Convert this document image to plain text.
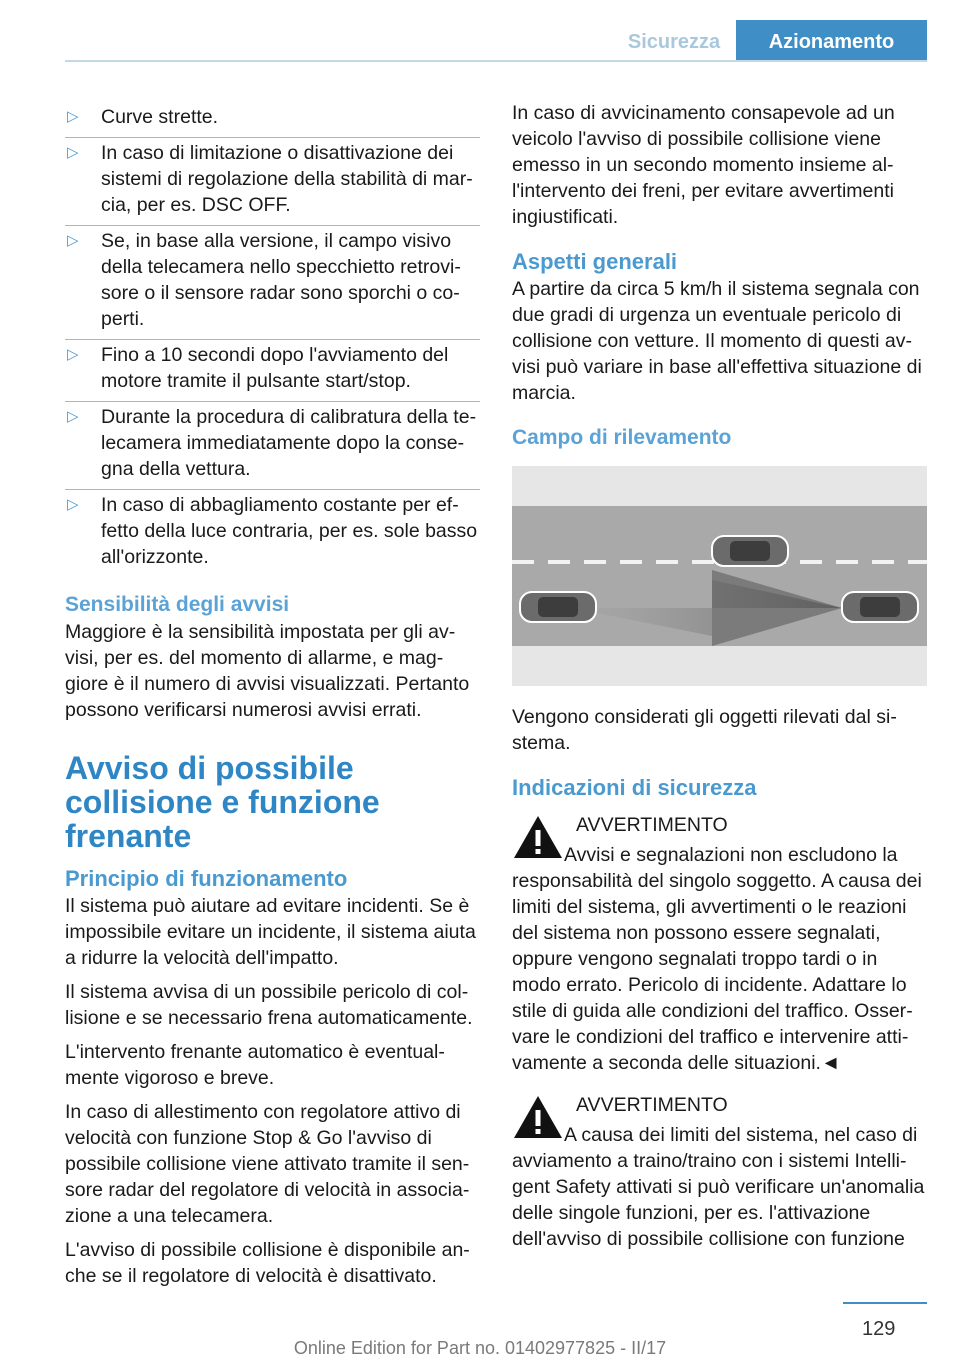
Sicurezza	Azionamento
▷	Curve strette.
▷	In caso di limitazione o disattivazione dei sistemi di regolazione della stabilità di marcia, per es. DSC OFF.
▷	Se, in base alla versione, il campo visivo della telecamera nello specchietto retrovisore o il sensore radar sono sporchi o coperti.
▷	Fino a 10 secondi dopo l'avviamento del motore tramite il pulsante start/stop.
▷	Durante la procedura di calibratura della telecamera immediatamente dopo la consegna della vettura.
▷	In caso di abbagliamento costante per effetto della luce contraria, per es. sole basso all'orizzonte.
Sensibilità degli avvisi

Maggiore è la sensibilità impostata per gli avvisi, per es. del momento di allarme, e maggiore è il numero di avvisi visualizzati. Pertanto possono verificarsi numerosi avvisi errati.

Avviso di possibile collisione e funzione frenante
Principio di funzionamento

Il sistema può aiutare ad evitare incidenti. Se è impossibile evitare un incidente, il sistema aiuta a ridurre la velocità dell'impatto.

Il sistema avvisa di un possibile pericolo di collisione e se necessario frena automaticamente.

L'intervento frenante automatico è eventualmente vigoroso e breve.

In caso di allestimento con regolatore attivo di velocità con funzione Stop & Go l'avviso di possibile collisione viene attivato tramite il sensore radar del regolatore di velocità in associazione a una telecamera.

L'avviso di possibile collisione è disponibile anche se il regolatore di velocità è disattivato.

In caso di avvicinamento consapevole ad un veicolo l'avviso di possibile collisione viene emesso in un secondo momento insieme all'intervento dei freni, per evitare avvertimenti ingiustificati.

Aspetti generali

A partire da circa 5 km/h il sistema segnala con due gradi di urgenza un eventuale pericolo di collisione con vetture. Il momento di questi avvisi può variare in base all'effettiva situazione di marcia.

Campo di rilevamento

Vengono considerati gli oggetti rilevati dal sistema.

Indicazioni di sicurezza
AVVERTIMENTO
Avvisi e segnalazioni non escludono la responsabilità del singolo soggetto. A causa dei limiti del sistema, gli avvertimenti o le reazioni del sistema non possono essere segnalati, oppure vengono segnalati troppo tardi o in modo errato. Pericolo di incidente. Adattare lo stile di guida alle condizioni del traffico. Osservare le condizioni del traffico e intervenire attivamente a seconda delle situazioni.◄
AVVERTIMENTO
A causa dei limiti del sistema, nel caso di avviamento a traino/traino con i sistemi Intelligent Safety attivati si può verificare un'anomalia delle singole funzioni, per es. l'attivazione dell'avviso di possibile collisione con funzione
129
Online Edition for Part no. 01402977825 - II/17
